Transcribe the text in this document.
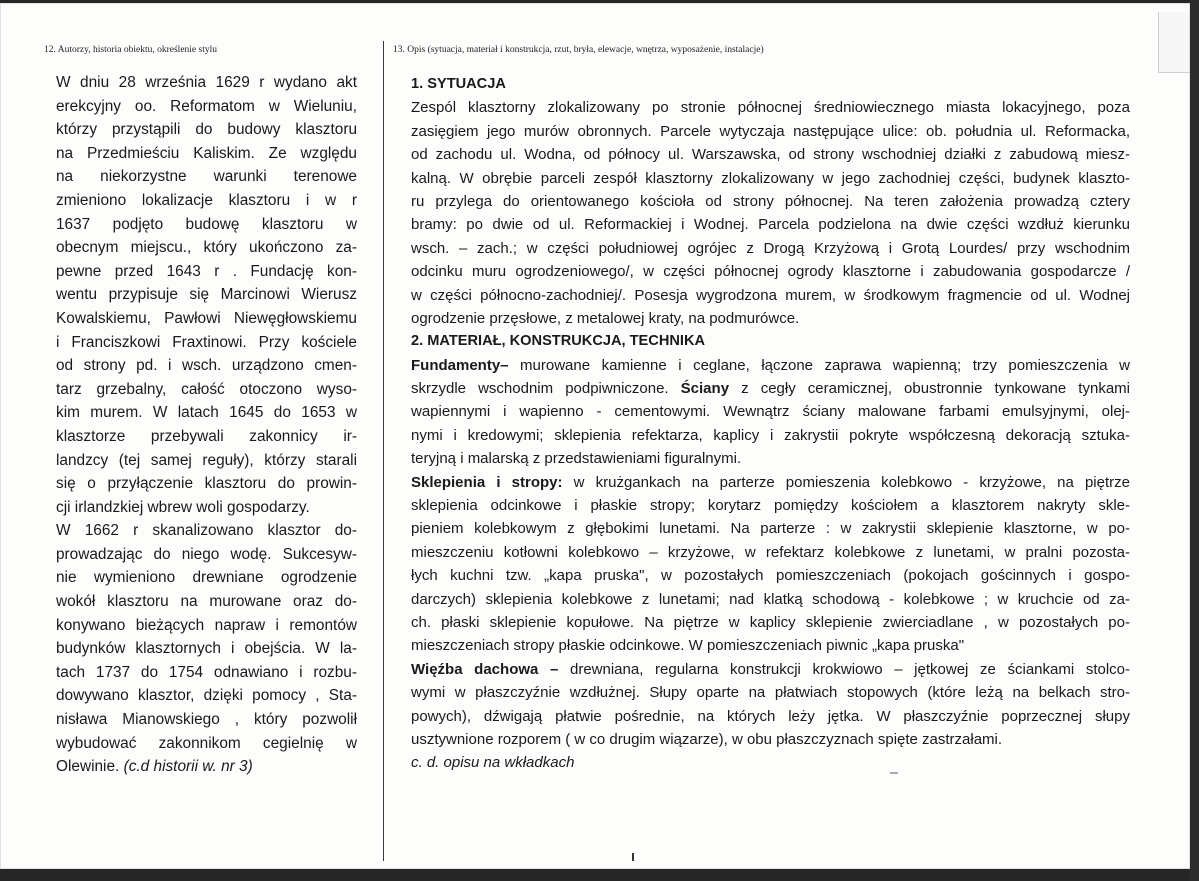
12. Autorzy, historia obiektu, określenie stylu	13. Opis (sytuacja, materiał i konstrukcja, rzut, bryła, elewacje, wnętrza, wyposażenie, instalacje)
W dniu 28 września 1629 r wydano akt
erekcyjny oo. Reformatom w Wieluniu,
którzy przystąpili do budowy klasztoru
na Przedmieściu Kaliskim. Ze względu
na niekorzystne warunki terenowe
zmieniono lokalizacje klasztoru i w r
1637 podjęto budowę klasztoru w
obecnym miejscu., który ukończono za-
pewne przed 1643 r . Fundację kon-
wentu przypisuje się Marcinowi Wierusz
Kowalskiemu, Pawłowi Niewęgłowskiemu
i Franciszkowi Fraxtinowi. Przy kościele
od strony pd. i wsch. urządzono cmen-
tarz grzebalny, całość otoczono wyso-
kim murem. W latach 1645 do 1653 w
klasztorze przebywali zakonnicy ir-
landzcy (tej samej reguły), którzy starali
się o przyłączenie klasztoru do prowin-
cji irlandzkiej wbrew woli gospodarzy.
W 1662 r skanalizowano klasztor do-
prowadzając do niego wodę. Sukcesyw-
nie wymieniono drewniane ogrodzenie
wokół klasztoru na murowane oraz do-
konywano bieżących napraw i remontów
budynków klasztornych i obejścia. W la-
tach 1737 do 1754 odnawiano i rozbu-
dowywano klasztor, dzięki pomocy , Sta-
nisława Mianowskiego , który pozwolił
wybudować zakonnikom cegielnię w
Olewinie. (c.d historii w. nr 3)
1. SYTUACJA
Zespól klasztorny zlokalizowany po stronie północnej średniowiecznego miasta lokacyjnego, poza
zasięgiem jego murów obronnych. Parcele wytyczaja następujące ulice: ob. południa ul. Reformacka,
od zachodu ul. Wodna, od północy ul. Warszawska, od strony wschodniej działki z zabudową miesz-
kalną. W obrębie parceli zespół klasztorny zlokalizowany w jego zachodniej części, budynek klaszto-
ru przylega do orientowanego kościoła od strony północnej. Na teren założenia prowadzą cztery
bramy: po dwie od ul. Reformackiej i Wodnej. Parcela podzielona na dwie części wzdłuż kierunku
wsch. – zach.; w części południowej ogrójec z Drogą Krzyżową i Grotą Lourdes/ przy wschodnim
odcinku muru ogrodzeniowego/, w części północnej ogrody klasztorne i zabudowania gospodarcze /
w części północno-zachodniej/. Posesja wygrodzona murem, w środkowym fragmencie od ul. Wodnej
ogrodzenie przęsłowe, z metalowej kraty, na podmurówce.
2. MATERIAŁ, KONSTRUKCJA, TECHNIKA
Fundamenty– murowane kamienne i ceglane, łączone zaprawa wapienną; trzy pomieszczenia w
skrzydle wschodnim podpiwniczone. Ściany z cegły ceramicznej, obustronnie tynkowane tynkami
wapiennymi i wapienno - cementowymi. Wewnątrz ściany malowane farbami emulsyjnymi, olej-
nymi i kredowymi; sklepienia refektarza, kaplicy i zakrystii pokryte współczesną dekoracją sztuka-
teryjną i malarską z przedstawieniami figuralnymi.
Sklepienia i stropy: w krużgankach na parterze pomieszenia kolebkowo - krzyżowe, na piętrze
sklepienia odcinkowe i płaskie stropy; korytarz pomiędzy kościołem a klasztorem nakryty skle-
pieniem kolebkowym z głębokimi lunetami. Na parterze : w zakrystii sklepienie klasztorne, w po-
mieszczeniu kotłowni kolebkowo – krzyżowe, w refektarz kolebkowe z lunetami, w pralni pozosta-
łych kuchni tzw. „kapa pruska", w pozostałych pomieszczeniach (pokojach gościnnych i gospo-
darczych) sklepienia kolebkowe z lunetami; nad klatką schodową - kolebkowe ; w kruchcie od za-
ch. płaski sklepienie kopułowe. Na piętrze w kaplicy sklepienie zwierciadlane , w pozostałych po-
mieszczeniach stropy płaskie odcinkowe. W pomieszczeniach piwnic „kapa pruska"
Więźba dachowa – drewniana, regularna konstrukcji krokwiowo – jętkowej ze ściankami stolco-
wymi w płaszczyźnie wzdłużnej. Słupy oparte na płatwiach stopowych (które leżą na belkach stro-
powych), dźwigają płatwie pośrednie, na których leży jętka. W płaszczyźnie poprzecznej słupy
usztywnione rozporem ( w co drugim wiązarze), w obu płaszczyznach spięte zastrzałami.
c. d. opisu na wkładkach
